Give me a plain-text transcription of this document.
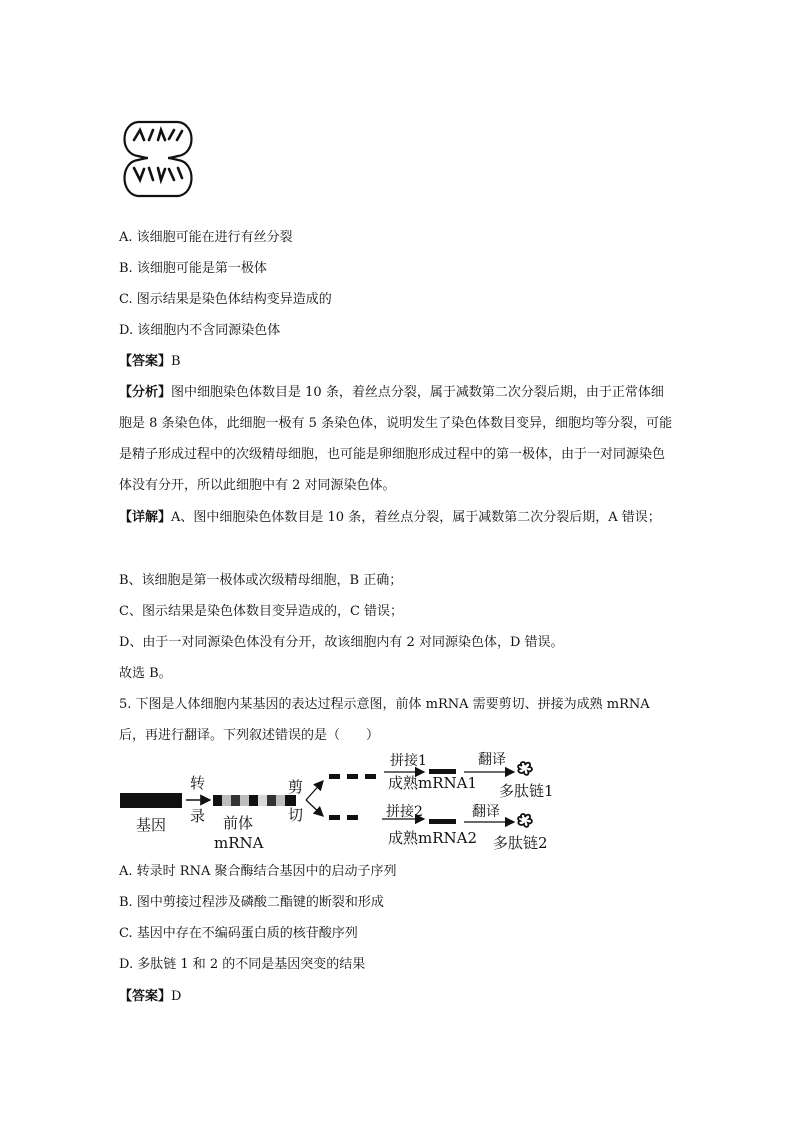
A. 该细胞可能在进行有丝分裂
B. 该细胞可能是第一极体
C. 图示结果是染色体结构变异造成的
D. 该细胞内不含同源染色体
【答案】B
【分析】图中细胞染色体数目是 10 条，着丝点分裂，属于减数第二次分裂后期，由于正常体细胞是 8 条染色体，此细胞一极有 5 条染色体，说明发生了染色体数目变异，细胞均等分裂，可能是精子形成过程中的次级精母细胞，也可能是卵细胞形成过程中的第一极体，由于一对同源染色体没有分开，所以此细胞中有 2 对同源染色体。
【详解】A、图中细胞染色体数目是 10 条，着丝点分裂，属于减数第二次分裂后期，A 错误；
B、该细胞是第一极体或次级精母细胞，B 正确；
C、图示结果是染色体数目变异造成的，C 错误；
D、由于一对同源染色体没有分开，故该细胞内有 2 对同源染色体，D 错误。
故选 B。
5. 下图是人体细胞内某基因的表达过程示意图，前体 mRNA 需要剪切、拼接为成熟 mRNA 后，再进行翻译。下列叙述错误的是（　　）
基因
转
录 前体
mRNA
剪
切
拼接1
成熟mRNA1
翻译
多肽链1
拼接2
成熟mRNA2
翻译
多肽链2
A. 转录时 RNA 聚合酶结合基因中的启动子序列
B. 图中剪接过程涉及磷酸二酯键的断裂和形成
C. 基因中存在不编码蛋白质的核苷酸序列
D. 多肽链 1 和 2 的不同是基因突变的结果
【答案】D
